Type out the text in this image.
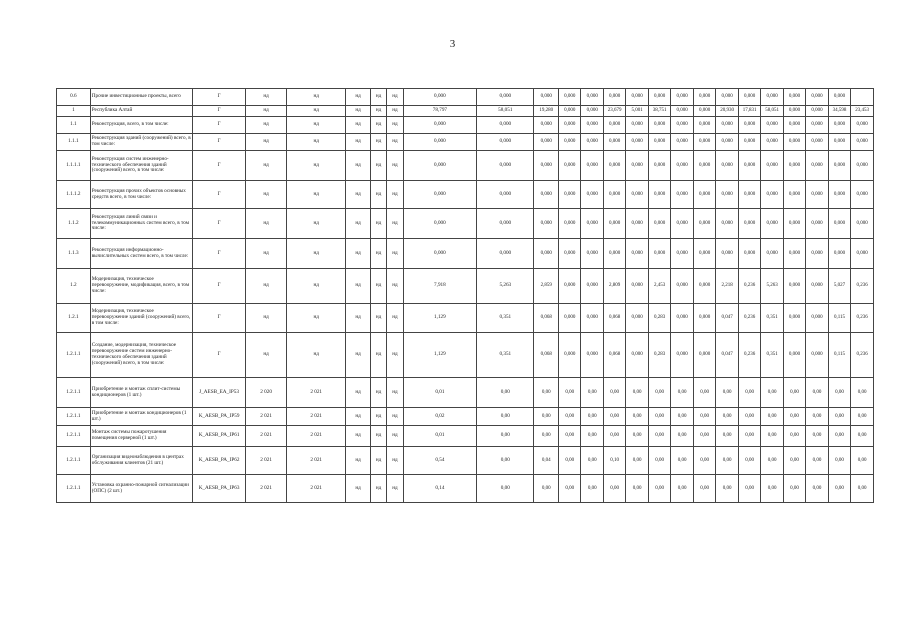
3
0.6	Прочие инвестиционные проекты, всего	Г	нд	нд	нд	нд	нд	0,000	0,000	0,000	0,000	0,000	0,000	0,000	0,000	0,000	0,000	0,000	0,000	0,000	0,000	0,000	0,000	
1	Республика Алтай	Г	нд	нд	нд	нд	нд	78,797	58,051	19,280	0,000	0,000	23,679	5,001	38,751	0,000	0,000	20,930	17,831	58,051	0,000	0,000	34,598	23,453
1.1	Реконструкция, всего, в том числе:	Г	нд	нд	нд	нд	нд	0,000	0,000	0,000	0,000	0,000	0,000	0,000	0,000	0,000	0,000	0,000	0,000	0,000	0,000	0,000	0,000	0,000
1.1.1	Реконструкция зданий (сооружений) всего, в том числе:	Г	нд	нд	нд	нд	нд	0,000	0,000	0,000	0,000	0,000	0,000	0,000	0,000	0,000	0,000	0,000	0,000	0,000	0,000	0,000	0,000	0,000
1.1.1.1	Реконструкция систем инженерно-технического обеспечения зданий (сооружений) всего, в том числе:	Г	нд	нд	нд	нд	нд	0,000	0,000	0,000	0,000	0,000	0,000	0,000	0,000	0,000	0,000	0,000	0,000	0,000	0,000	0,000	0,000	0,000
1.1.1.2	Реконструкция прочих объектов основных средств всего, в том числе:	Г	нд	нд	нд	нд	нд	0,000	0,000	0,000	0,000	0,000	0,000	0,000	0,000	0,000	0,000	0,000	0,000	0,000	0,000	0,000	0,000	0,000
1.1.2	Реконструкция линий связи и телекоммуникационных систем всего, в том числе:	Г	нд	нд	нд	нд	нд	0,000	0,000	0,000	0,000	0,000	0,000	0,000	0,000	0,000	0,000	0,000	0,000	0,000	0,000	0,000	0,000	0,000
1.1.3	Реконструкция информационно-вычислительных систем всего, в том числе:	Г	нд	нд	нд	нд	нд	0,000	0,000	0,000	0,000	0,000	0,000	0,000	0,000	0,000	0,000	0,000	0,000	0,000	0,000	0,000	0,000	0,000
1.2	Модернизация, техническое перевооружение, модификация, всего, в том числе:	Г	нд	нд	нд	нд	нд	7,918	5,263	2,859	0,000	0,000	2,809	0,000	2,453	0,000	0,000	2,218	0,236	5,263	0,000	0,000	5,027	0,236
1.2.1	Модернизация, техническое перевооружение зданий (сооружений) всего, в том числе:	Г	нд	нд	нд	нд	нд	1,129	0,351	0,068	0,000	0,000	0,068	0,000	0,283	0,000	0,000	0,047	0,236	0,351	0,000	0,000	0,115	0,236
1.2.1.1	Создание, модернизация, техническое перевооружение систем инженерно-технического обеспечения зданий (сооружений) всего, в том числе:	Г	нд	нд	нд	нд	нд	1,129	0,351	0,068	0,000	0,000	0,068	0,000	0,283	0,000	0,000	0,047	0,236	0,351	0,000	0,000	0,115	0,236
1.2.1.1	Приобретение и монтаж сплит-системы кондиционеров (1 шт.)	J_AESB_EA_IP53	2 020	2 021	нд	нд	нд	0,01	0,00	0,00	0,00	0,00	0,00	0,00	0,00	0,00	0,00	0,00	0,00	0,00	0,00	0,00	0,00	0,00
1.2.1.1	Приобретение и монтаж кондиционеров (1 шт.)	K_AESB_PA_IP59	2 021	2 021	нд	нд	нд	0,02	0,00	0,00	0,00	0,00	0,00	0,00	0,00	0,00	0,00	0,00	0,00	0,00	0,00	0,00	0,00	0,00
1.2.1.1	Монтаж системы пожаротушения помещения серверной (1 шт.)	K_AESB_PA_IP61	2 021	2 021	нд	нд	нд	0,01	0,00	0,00	0,00	0,00	0,00	0,00	0,00	0,00	0,00	0,00	0,00	0,00	0,00	0,00	0,00	0,00
1.2.1.1	Организация видеонаблюдения в центрах обслуживания клиентов (21 шт.)	K_AESB_PA_IP62	2 021	2 021	нд	нд	нд	0,54	0,00	0,04	0,00	0,00	0,10	0,00	0,00	0,00	0,00	0,00	0,00	0,00	0,00	0,00	0,00	0,00
1.2.1.1	Установка охранно-пожарной сигнализации (ОПС) (2 шт.)	K_AESB_PA_IP63	2 021	2 021	нд	нд	нд	0,14	0,00	0,00	0,00	0,00	0,00	0,00	0,00	0,00	0,00	0,00	0,00	0,00	0,00	0,00	0,00	0,00
